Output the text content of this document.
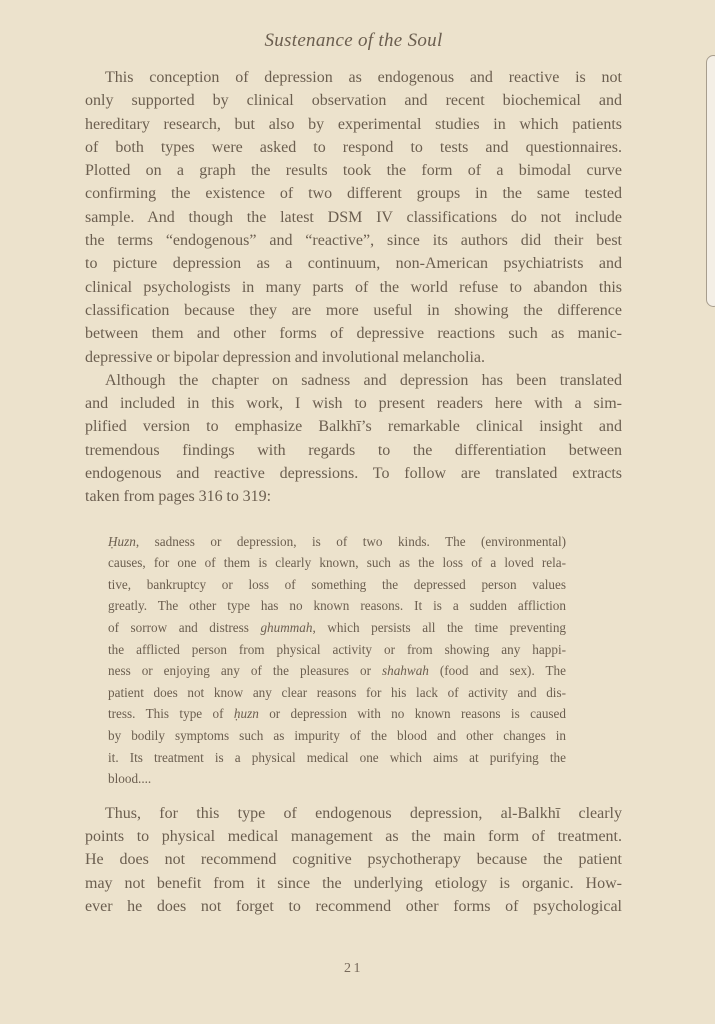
Sustenance of the Soul
This conception of depression as endogenous and reactive is not
only supported by clinical observation and recent biochemical and
hereditary research, but also by experimental studies in which patients
of both types were asked to respond to tests and questionnaires.
Plotted on a graph the results took the form of a bimodal curve
confirming the existence of two different groups in the same tested
sample. And though the latest DSM IV classifications do not include
the terms “endogenous” and “reactive”, since its authors did their best
to picture depression as a continuum, non-American psychiatrists and
clinical psychologists in many parts of the world refuse to abandon this
classification because they are more useful in showing the difference
between them and other forms of depressive reactions such as manic-
depressive or bipolar depression and involutional melancholia.
Although the chapter on sadness and depression has been translated
and included in this work, I wish to present readers here with a sim-
plified version to emphasize Balkhī’s remarkable clinical insight and
tremendous findings with regards to the differentiation between
endogenous and reactive depressions. To follow are translated extracts
taken from pages 316 to 319:
Ḥuzn, sadness or depression, is of two kinds. The (environmental)
causes, for one of them is clearly known, such as the loss of a loved rela-
tive, bankruptcy or loss of something the depressed person values
greatly. The other type has no known reasons. It is a sudden affliction
of sorrow and distress ghummah, which persists all the time preventing
the afflicted person from physical activity or from showing any happi-
ness or enjoying any of the pleasures or shahwah (food and sex). The
patient does not know any clear reasons for his lack of activity and dis-
tress. This type of ḥuzn or depression with no known reasons is caused
by bodily symptoms such as impurity of the blood and other changes in
it. Its treatment is a physical medical one which aims at purifying the
blood....
Thus, for this type of endogenous depression, al-Balkhī clearly
points to physical medical management as the main form of treatment.
He does not recommend cognitive psychotherapy because the patient
may not benefit from it since the underlying etiology is organic. How-
ever he does not forget to recommend other forms of psychological
21
